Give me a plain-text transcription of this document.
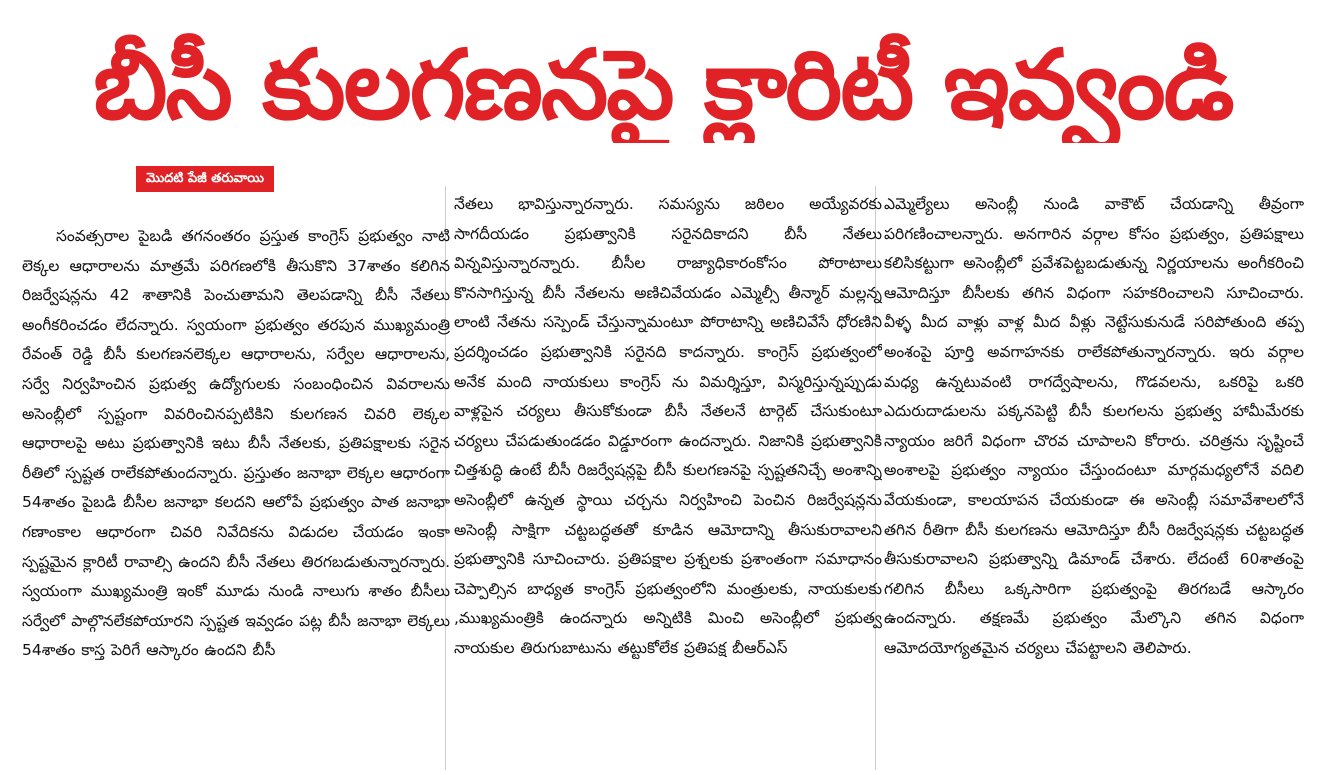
బీసీ కులగణనపై క్లారిటీ ఇవ్వండి
మొదటి పేజీ తరువాయి

సంవత్సరాల పైబడి తగనంతరం ప్రస్తుత కాంగ్రెస్ ప్రభుత్వం నాటి లెక్కల ఆధారాలను మాత్రమే పరిగణలోకి తీసుకొని 37శాతం కలిగిన రిజర్వేషన్లను 42 శాతానికి పెంచుతామని తెలపడాన్ని బీసీ నేతలు అంగీకరించడం లేదన్నారు. స్వయంగా ప్రభుత్వం తరపున ముఖ్యమంత్రి రేవంత్ రెడ్డి బీసీ కులగణనలెక్కల ఆధారాలను, సర్వేల ఆధారాలను, సర్వే నిర్వహించిన ప్రభుత్వ ఉద్యోగులకు సంబంధించిన వివరాలను అసెంబ్లీలో స్పష్టంగా వివరించినప్పటికిని కులగణన చివరి లెక్కల ఆధారాలపై అటు ప్రభుత్వానికి ఇటు బీసీ నేతలకు, ప్రతిపక్షాలకు సరైన రీతిలో స్పష్టత రాలేకపోతుందన్నారు. ప్రస్తుతం జనాభా లెక్కల ఆధారంగా 54శాతం పైబడి బీసీల జనాభా కలదని ఆలోపే ప్రభుత్వం పాత జనాభా గణాంకాల ఆధారంగా చివరి నివేదికను విడుదల చేయడం ఇంకా స్పష్టమైన క్లారిటీ రావాల్సి ఉందని బీసీ నేతలు తిరగబడుతున్నారన్నారు. స్వయంగా ముఖ్యమంత్రి ఇంకో మూడు నుండి నాలుగు శాతం బీసీలు సర్వేలో పాల్గొనలేకపోయారని స్పష్టత ఇవ్వడం పట్ల బీసీ జనాభా లెక్కలు 54శాతం కాస్త పెరిగే ఆస్కారం ఉందని బీసీ

నేతలు భావిస్తున్నారన్నారు. సమస్యను జఠిలం అయ్యేవరకు సాగదీయడం ప్రభుత్వానికి సరైనదికాదని బీసీ నేతలు విన్నవిస్తున్నారన్నారు. బీసీల రాజ్యాధికారంకోసం పోరాటాలు కొనసాగిస్తున్న బీసీ నేతలను అణిచివేయడం ఎమ్మెల్సీ తీన్మార్ మల్లన్న లాంటి నేతను సస్పెండ్ చేస్తున్నామంటూ పోరాటాన్ని అణిచివేసే ధోరణిని ప్రదర్శించడం ప్రభుత్వానికి సరైనది కాదన్నారు. కాంగ్రెస్ ప్రభుత్వంలో అనేక మంది నాయకులు కాంగ్రెస్ ను విమర్శిస్తూ, విస్మరిస్తున్నప్పుడు వాళ్లపైన చర్యలు తీసుకోకుండా బీసీ నేతలనే టార్గెట్ చేసుకుంటూ చర్యలు చేపడుతుండడం విడ్డూరంగా ఉందన్నారు. నిజానికి ప్రభుత్వానికి చిత్తశుద్ధి ఉంటే బీసీ రిజర్వేషన్లపై బీసీ కులగణనపై స్పష్టతనిచ్చే అంశాన్ని అసెంబ్లీలో ఉన్నత స్థాయి చర్చను నిర్వహించి పెంచిన రిజర్వేషన్లను అసెంబ్లీ సాక్షిగా చట్టబద్ధతతో కూడిన ఆమోదాన్ని తీసుకురావాలని ప్రభుత్వానికి సూచించారు. ప్రతిపక్షాల ప్రశ్నలకు ప్రశాంతంగా సమాధానం చెప్పాల్సిన బాధ్యత కాంగ్రెస్ ప్రభుత్వంలోని మంత్రులకు, నాయకులకు ,ముఖ్యమంత్రికి ఉందన్నారు అన్నిటికి మించి అసెంబ్లీలో ప్రభుత్వ నాయకుల తిరుగుబాటును తట్టుకోలేక ప్రతిపక్ష బీఆర్ఎస్

ఎమ్మెల్యేలు అసెంబ్లీ నుండి వాకౌట్ చేయడాన్ని తీవ్రంగా పరిగణించాలన్నారు. అనగారిన వర్గాల కోసం ప్రభుత్వం, ప్రతిపక్షాలు కలిసికట్టుగా అసెంబ్లీలో ప్రవేశపెట్టబడుతున్న నిర్ణయాలను అంగీకరించి ఆమోదిస్తూ బీసీలకు తగిన విధంగా సహకరించాలని సూచించారు. వీళ్ళ మీద వాళ్లు వాళ్ల మీద వీళ్లు నెట్టేసుకునుడే సరిపోతుంది తప్ప అంశంపై పూర్తి అవగాహనకు రాలేకపోతున్నారన్నారు. ఇరు వర్గాల మధ్య ఉన్నటువంటి రాగద్వేషాలను, గొడవలను, ఒకరిపై ఒకరి ఎదురుదాడులను పక్కనపెట్టి బీసీ కులగలను ప్రభుత్వ హామీమేరకు న్యాయం జరిగే విధంగా చొరవ చూపాలని కోరారు. చరిత్రను సృష్టించే అంశాలపై ప్రభుత్వం న్యాయం చేస్తుందంటూ మార్గమధ్యలోనే వదిలి వేయకుండా, కాలయాపన చేయకుండా ఈ అసెంబ్లీ సమావేశాలలోనే తగిన రీతిగా బీసీ కులగణను ఆమోదిస్తూ బీసీ రిజర్వేషన్లకు చట్టబద్ధత తీసుకురావాలని ప్రభుత్వాన్ని డిమాండ్ చేశారు. లేదంటే 60శాతంపై గలిగిన బీసీలు ఒక్కసారిగా ప్రభుత్వంపై తిరగబడే ఆస్కారం ఉందన్నారు. తక్షణమే ప్రభుత్వం మేల్కొని తగిన విధంగా ఆమోదయోగ్యతమైన చర్యలు చేపట్టాలని తెలిపారు.
